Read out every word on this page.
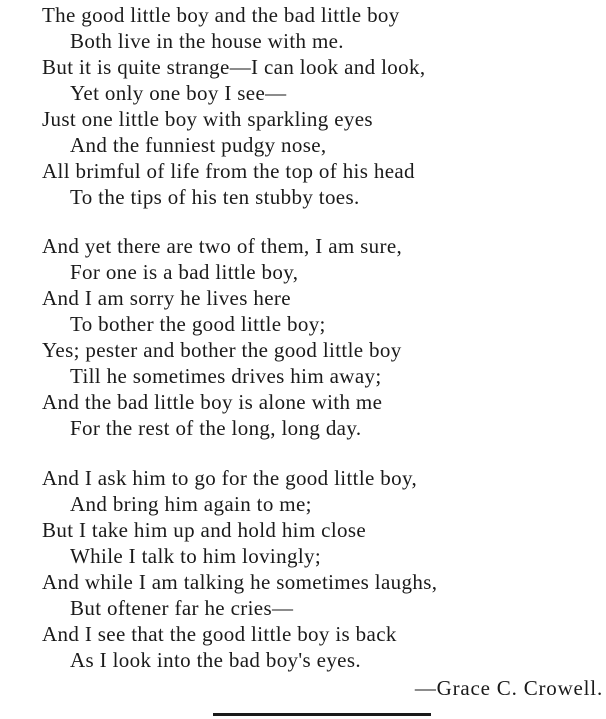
The good little boy and the bad little boy
Both live in the house with me.
But it is quite strange—I can look and look,
Yet only one boy I see—
Just one little boy with sparkling eyes
And the funniest pudgy nose,
All brimful of life from the top of his head
To the tips of his ten stubby toes.
And yet there are two of them, I am sure,
For one is a bad little boy,
And I am sorry he lives here
To bother the good little boy;
Yes; pester and bother the good little boy
Till he sometimes drives him away;
And the bad little boy is alone with me
For the rest of the long, long day.
And I ask him to go for the good little boy,
And bring him again to me;
But I take him up and hold him close
While I talk to him lovingly;
And while I am talking he sometimes laughs,
But oftener far he cries—
And I see that the good little boy is back
As I look into the bad boy's eyes.
—Grace C. Crowell.
